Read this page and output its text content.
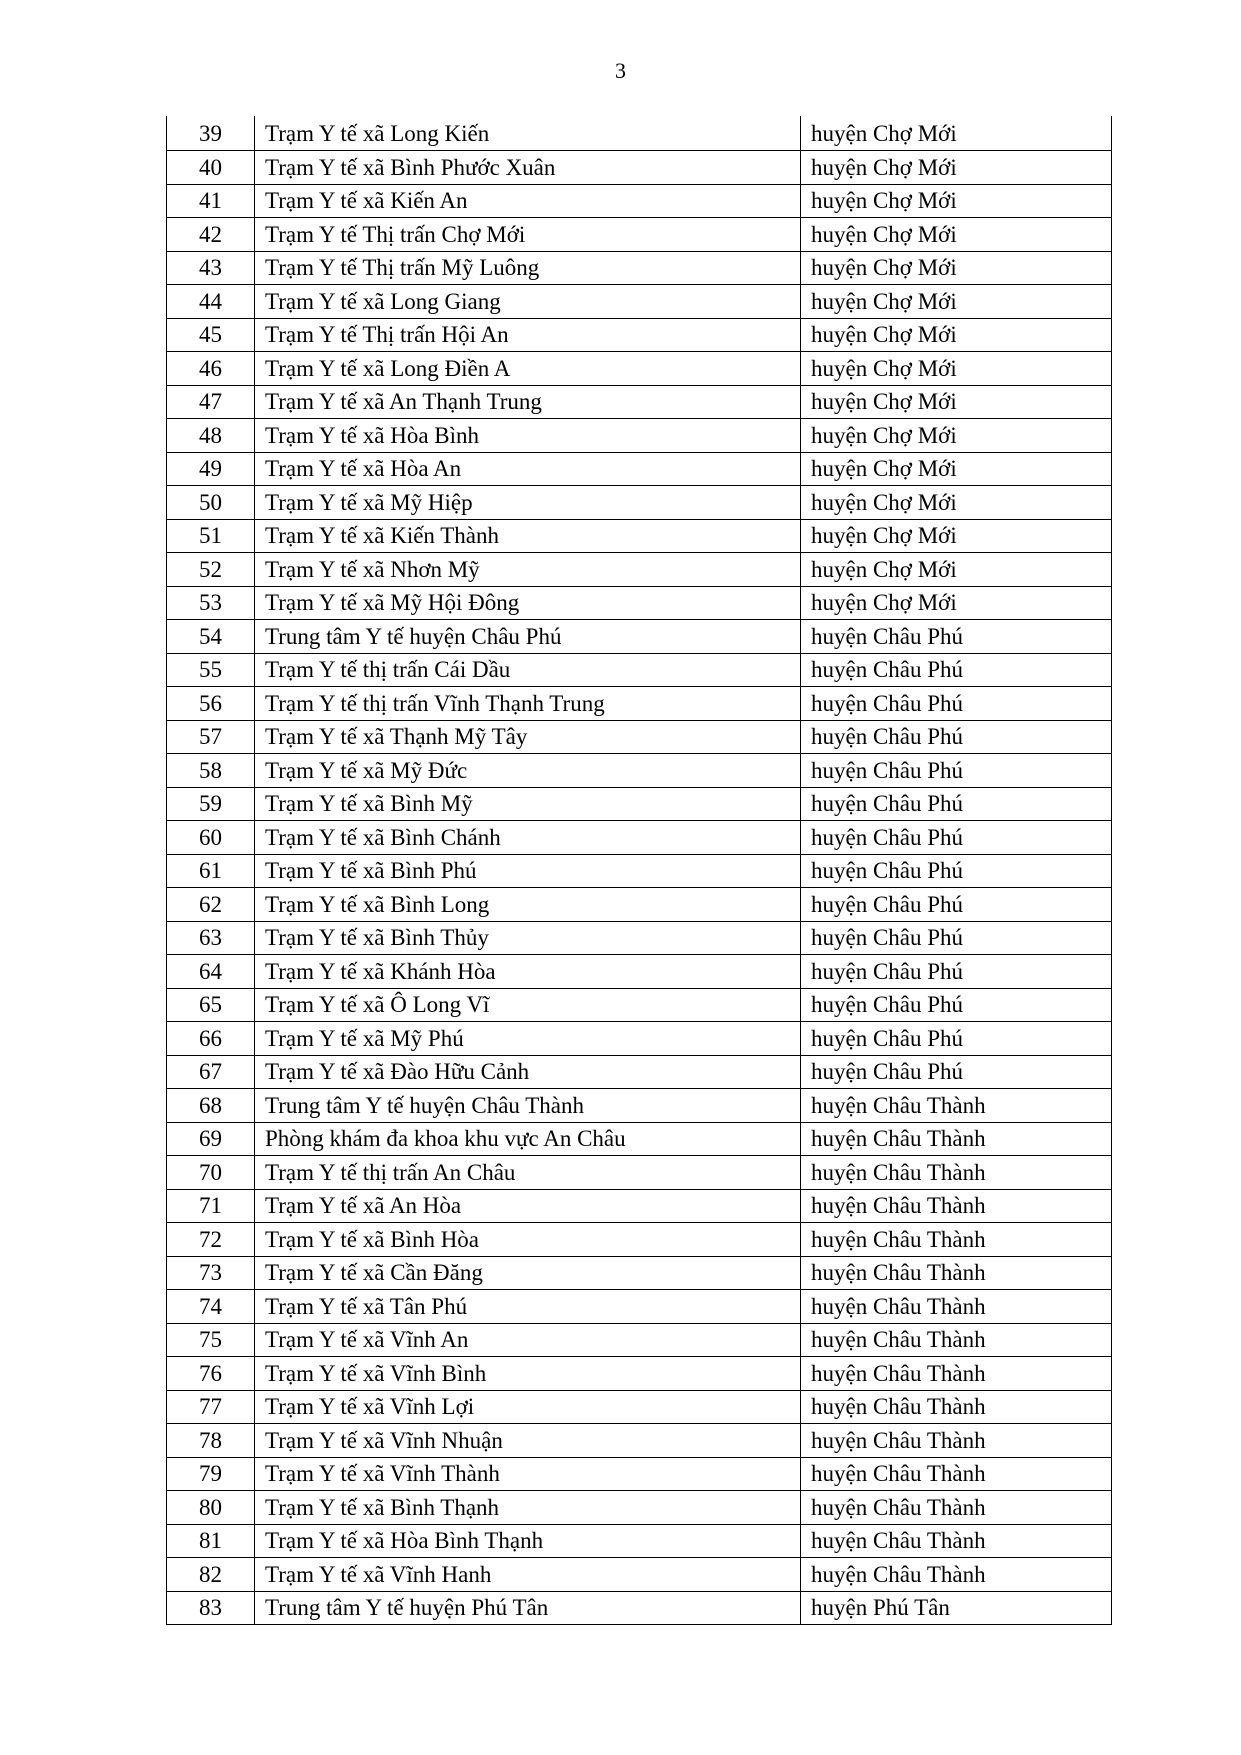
3
39	Trạm Y tế xã Long Kiến	huyện Chợ Mới
40	Trạm Y tế xã Bình Phước Xuân	huyện Chợ Mới
41	Trạm Y tế xã Kiến An	huyện Chợ Mới
42	Trạm Y tế Thị trấn Chợ Mới	huyện Chợ Mới
43	Trạm Y tế Thị trấn Mỹ Luông	huyện Chợ Mới
44	Trạm Y tế xã Long Giang	huyện Chợ Mới
45	Trạm Y tế Thị trấn Hội An	huyện Chợ Mới
46	Trạm Y tế xã Long Điền A	huyện Chợ Mới
47	Trạm Y tế xã An Thạnh Trung	huyện Chợ Mới
48	Trạm Y tế xã Hòa Bình	huyện Chợ Mới
49	Trạm Y tế xã Hòa An	huyện Chợ Mới
50	Trạm Y tế xã Mỹ Hiệp	huyện Chợ Mới
51	Trạm Y tế xã Kiến Thành	huyện Chợ Mới
52	Trạm Y tế xã Nhơn Mỹ	huyện Chợ Mới
53	Trạm Y tế xã Mỹ Hội Đông	huyện Chợ Mới
54	Trung tâm Y tế huyện Châu Phú	huyện Châu Phú
55	Trạm Y tế thị trấn Cái Dầu	huyện Châu Phú
56	Trạm Y tế thị trấn Vĩnh Thạnh Trung	huyện Châu Phú
57	Trạm Y tế xã Thạnh Mỹ Tây	huyện Châu Phú
58	Trạm Y tế xã Mỹ Đức	huyện Châu Phú
59	Trạm Y tế xã Bình Mỹ	huyện Châu Phú
60	Trạm Y tế xã Bình Chánh	huyện Châu Phú
61	Trạm Y tế xã Bình Phú	huyện Châu Phú
62	Trạm Y tế xã Bình Long	huyện Châu Phú
63	Trạm Y tế xã Bình Thủy	huyện Châu Phú
64	Trạm Y tế xã Khánh Hòa	huyện Châu Phú
65	Trạm Y tế xã Ô Long Vĩ	huyện Châu Phú
66	Trạm Y tế xã Mỹ Phú	huyện Châu Phú
67	Trạm Y tế xã Đào Hữu Cảnh	huyện Châu Phú
68	Trung tâm Y tế huyện Châu Thành	huyện Châu Thành
69	Phòng khám đa khoa khu vực An Châu	huyện Châu Thành
70	Trạm Y tế thị trấn An Châu	huyện Châu Thành
71	Trạm Y tế xã An Hòa	huyện Châu Thành
72	Trạm Y tế xã Bình Hòa	huyện Châu Thành
73	Trạm Y tế xã Cần Đăng	huyện Châu Thành
74	Trạm Y tế xã Tân Phú	huyện Châu Thành
75	Trạm Y tế xã Vĩnh An	huyện Châu Thành
76	Trạm Y tế xã Vĩnh Bình	huyện Châu Thành
77	Trạm Y tế xã Vĩnh Lợi	huyện Châu Thành
78	Trạm Y tế xã Vĩnh Nhuận	huyện Châu Thành
79	Trạm Y tế xã Vĩnh Thành	huyện Châu Thành
80	Trạm Y tế xã Bình Thạnh	huyện Châu Thành
81	Trạm Y tế xã Hòa Bình Thạnh	huyện Châu Thành
82	Trạm Y tế xã Vĩnh Hanh	huyện Châu Thành
83	Trung tâm Y tế huyện Phú Tân	huyện Phú Tân
